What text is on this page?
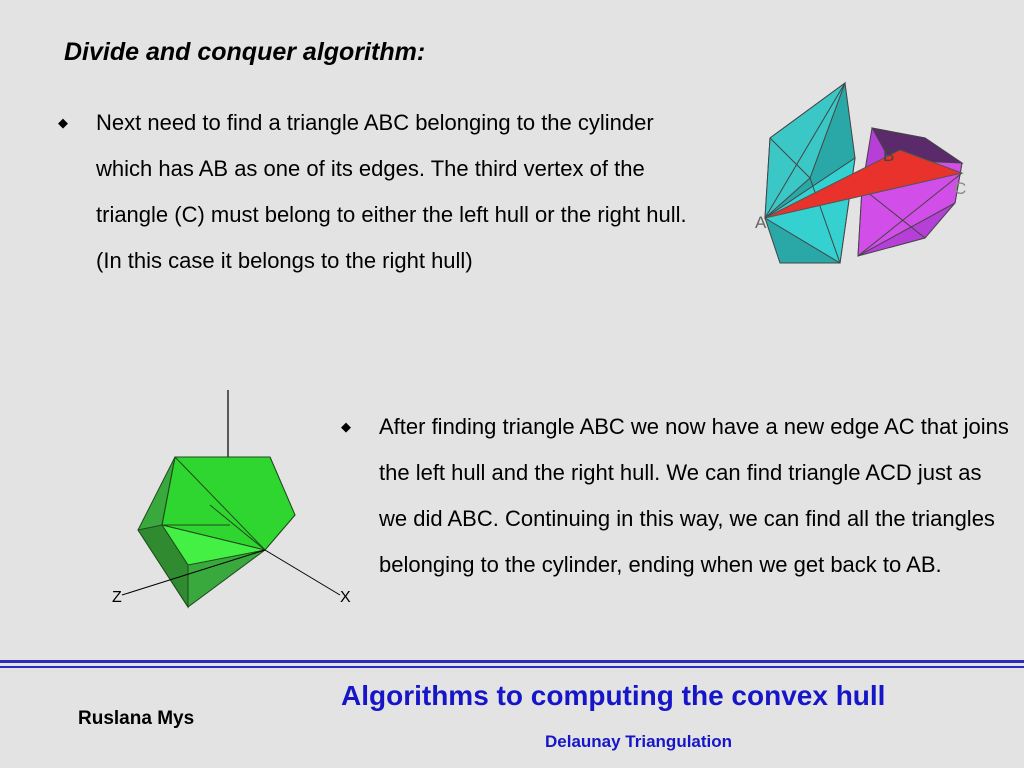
Divide and conquer algorithm:
◆ Next need to find a triangle ABC belonging to the cylinder which has AB as one of its edges. The third vertex of the triangle (C) must belong to either the left hull or the right hull. (In this case it belongs to the right hull)
A
B
C
Z	X
◆ After finding triangle ABC we now have a new edge AC that joins the left hull and the right hull. We can find triangle ACD just as we did ABC. Continuing in this way, we can find all the triangles belonging to the cylinder, ending when we get back to AB.
Ruslana Mys
Algorithms to computing the convex hull
Delaunay Triangulation
